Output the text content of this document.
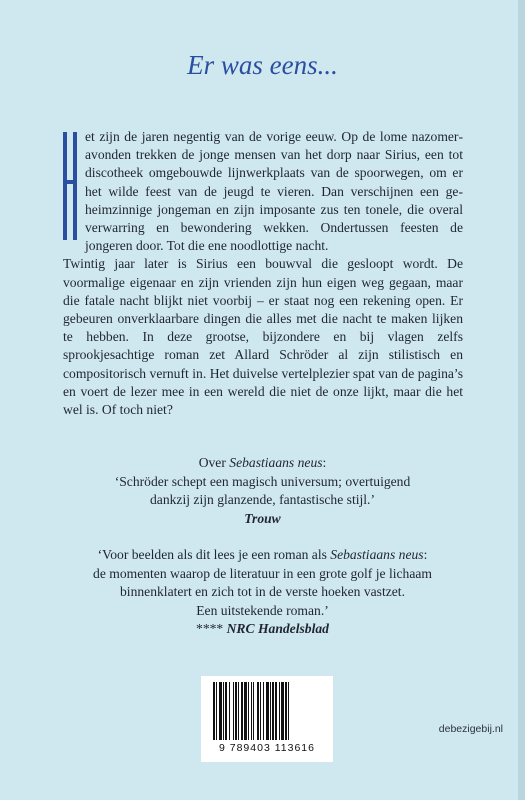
Er was eens...

et zijn de jaren negentig van de vorige eeuw. Op de lome nazomeravonden trekken de jonge mensen van het dorp naar Sirius, een tot discotheek omgebouwde lijnwerkplaats van de spoorwegen, om er het wilde feest van de jeugd te vieren. Dan verschijnen een geheimzinnige jongeman en zijn imposante zus ten tonele, die overal verwarring en bewondering wekken. Ondertussen feesten de jongeren door. Tot die ene noodlottige nacht.

Twintig jaar later is Sirius een bouwval die gesloopt wordt. De voormalige eigenaar en zijn vrienden zijn hun eigen weg gegaan, maar die fatale nacht blijkt niet voorbij – er staat nog een rekening open. Er gebeuren onverklaarbare dingen die alles met die nacht te maken lijken te hebben. In deze grootse, bijzondere en bij vlagen zelfs sprookjesachtige roman zet Allard Schröder al zijn stilistisch en compositorisch vernuft in. Het duivelse vertelplezier spat van de pagina’s en voert de lezer mee in een wereld die niet de onze lijkt, maar die het wel is. Of toch niet?

Over Sebastiaans neus:
‘Schröder schept een magisch universum; overtuigend
dankzij zijn glanzende, fantastische stijl.’
Trouw
‘Voor beelden als dit lees je een roman als Sebastiaans neus:
de momenten waarop de literatuur in een grote golf je lichaam
binnenklatert en zich tot in de verste hoeken vastzet.
Een uitstekende roman.’
**** NRC Handelsblad
9 789403 113616
debezigebij.nl
